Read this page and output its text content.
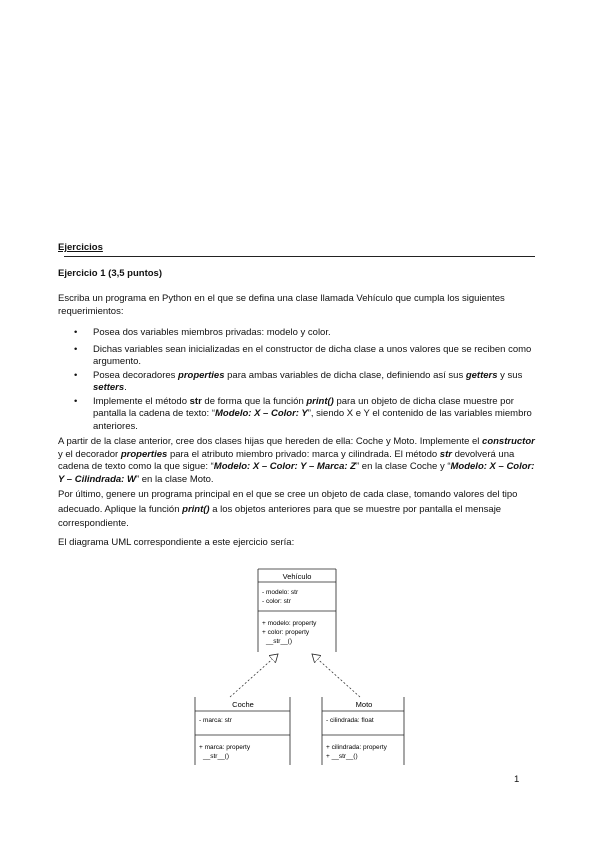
Ejercicios
Ejercicio 1 (3,5 puntos)
Escriba un programa en Python en el que se defina una clase llamada Vehículo que cumpla los siguientes requerimientos:
• Posea dos variables miembros privadas: modelo y color.
• Dichas variables sean inicializadas en el constructor de dicha clase a unos valores que se reciben como argumento.
• Posea decoradores properties para ambas variables de dicha clase, definiendo así sus getters y sus setters.
• Implemente el método str de forma que la función print() para un objeto de dicha clase muestre por pantalla la cadena de texto: “Modelo: X – Color: Y”, siendo X e Y el contenido de las variables miembro anteriores.
A partir de la clase anterior, cree dos clases hijas que hereden de ella: Coche y Moto. Implemente el constructor y el decorador properties para el atributo miembro privado: marca y cilindrada. El método str devolverá una cadena de texto como la que sigue: “Modelo: X – Color: Y – Marca: Z” en la clase Coche y “Modelo: X – Color: Y – Cilindrada: W” en la clase Moto.
Por último, genere un programa principal en el que se cree un objeto de cada clase, tomando valores del tipo adecuado. Aplique la función print() a los objetos anteriores para que se muestre por pantalla el mensaje correspondiente.
El diagrama UML correspondiente a este ejercicio sería:
Vehículo
- modelo: str
- color: str
+ modelo: property
+ color: property
__str__()
Coche
- marca: str
+ marca: property
__str__()
Moto
- cilindrada: float
+ cilindrada: property
+ __str__()
1
